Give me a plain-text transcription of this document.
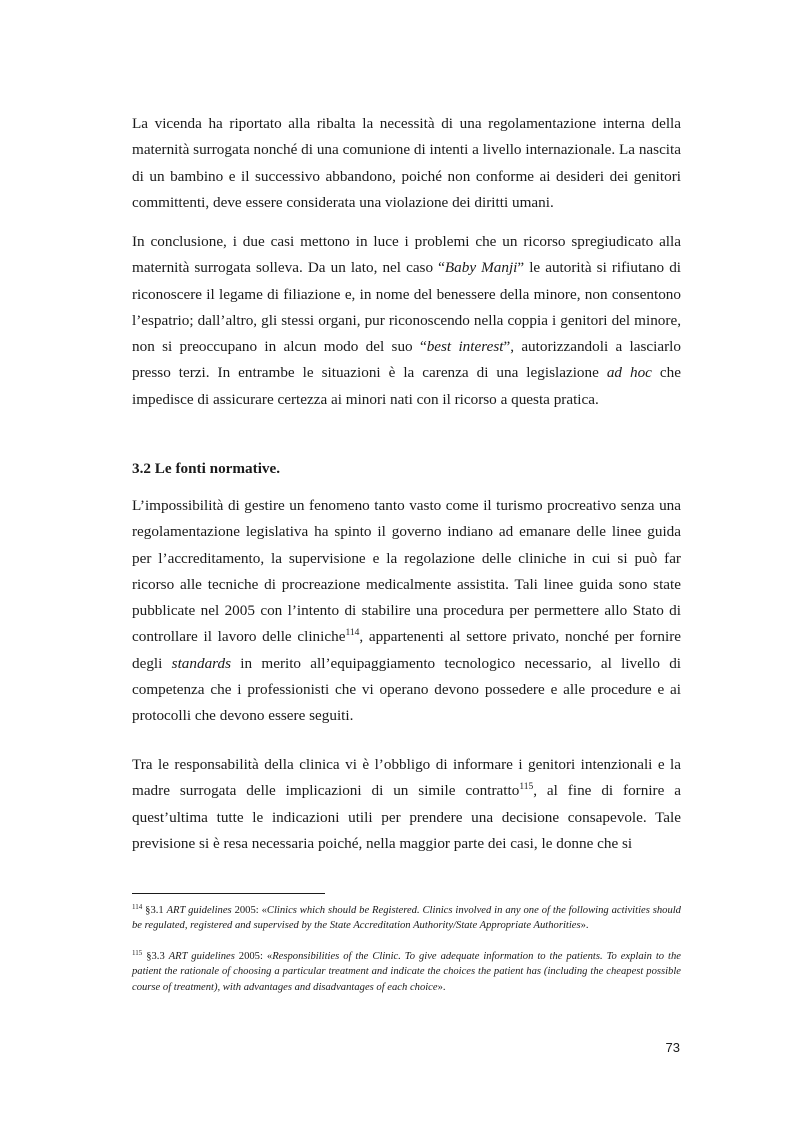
La vicenda ha riportato alla ribalta la necessità di una regolamentazione interna della maternità surrogata nonché di una comunione di intenti a livello internazionale. La nascita di un bambino e il successivo abbandono, poiché non conforme ai desideri dei genitori committenti, deve essere considerata una violazione dei diritti umani.

In conclusione, i due casi mettono in luce i problemi che un ricorso spregiudicato alla maternità surrogata solleva. Da un lato, nel caso “Baby Manji” le autorità si rifiutano di riconoscere il legame di filiazione e, in nome del benessere della minore, non consentono l’espatrio; dall’altro, gli stessi organi, pur riconoscendo nella coppia i genitori del minore, non si preoccupano in alcun modo del suo “best interest”, autorizzandoli a lasciarlo presso terzi. In entrambe le situazioni è la carenza di una legislazione ad hoc che impedisce di assicurare certezza ai minori nati con il ricorso a questa pratica.

3.2 Le fonti normative.

L’impossibilità di gestire un fenomeno tanto vasto come il turismo procreativo senza una regolamentazione legislativa ha spinto il governo indiano ad emanare delle linee guida per l’accreditamento, la supervisione e la regolazione delle cliniche in cui si può far ricorso alle tecniche di procreazione medicalmente assistita. Tali linee guida sono state pubblicate nel 2005 con l’intento di stabilire una procedura per permettere allo Stato di controllare il lavoro delle cliniche$^{114}$, appartenenti al settore privato, nonché per fornire degli standards in merito all’equipaggiamento tecnologico necessario, al livello di competenza che i professionisti che vi operano devono possedere e alle procedure e ai protocolli che devono essere seguiti.

Tra le responsabilità della clinica vi è l’obbligo di informare i genitori intenzionali e la madre surrogata delle implicazioni di un simile contratto$^{115}$, al fine di fornire a quest’ultima tutte le indicazioni utili per prendere una decisione consapevole. Tale previsione si è resa necessaria poiché, nella maggior parte dei casi, le donne che si

$^{114}$ §3.1 ART guidelines 2005: «Clinics which should be Registered. Clinics involved in any one of the following activities should be regulated, registered and supervised by the State Accreditation Authority/State Appropriate Authorities».

$^{115}$ §3.3 ART guidelines 2005: «Responsibilities of the Clinic. To give adequate information to the patients. To explain to the patient the rationale of choosing a particular treatment and indicate the choices the patient has (including the cheapest possible course of treatment), with advantages and disadvantages of each choice».

73
